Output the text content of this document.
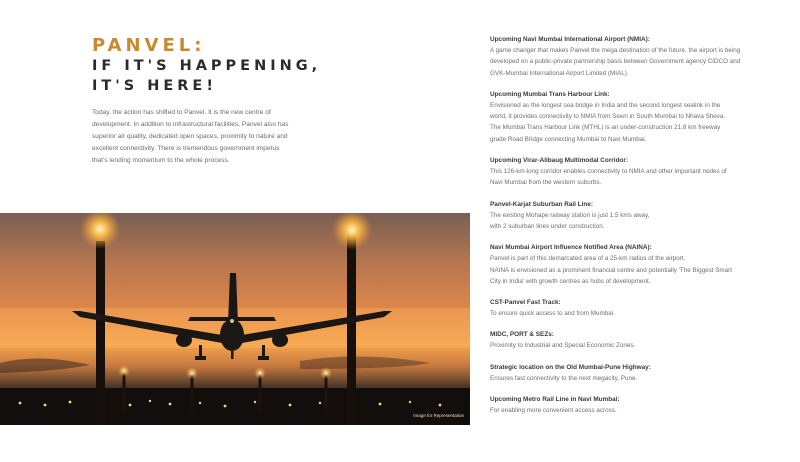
PANVEL:
IF IT'S HAPPENING,
IT'S HERE!
Today, the action has shifted to Panvel. It is the new centre of
development. In addition to infrastructural facilities, Panvel also has
superior air quality, dedicated open spaces, proximity to nature and
excellent connectivity. There is tremendous government impetus
that's lending momentum to the whole process.
Image for Representation
Upcoming Navi Mumbai International Airport (NMIA):
A game changer that makes Panvel the mega destination of the future, the airport is being
developed on a public-private partnership basis between Government agency CIDCO and
GVK-Mumbai International Airport Limited (MIAL).
Upcoming Mumbai Trans Harbour Link:
Envisioned as the longest sea bridge in India and the second longest sealink in the
world, it provides connectivity to NMIA from Sewri in South Mumbai to Nhava Sheva.
The Mumbai Trans Harbour Link (MTHL) is an under-construction 21.8 km freeway
grade Road Bridge connecting Mumbai to Navi Mumbai.
Upcoming Virar-Alibaug Multimodal Corridor:
This 126-km-long corridor enables connectivity to NMIA and other important nodes of
Navi Mumbai from the western suburbs.
Panvel-Karjat Suburban Rail Line:
The existing Mohape railway station is just 1.5 kms away,
with 2 suburban lines under construction.
Navi Mumbai Airport Influence Notified Area (NAINA):
Panvel is part of this demarcated area of a 25-km radius of the airport.
NAINA is envisioned as a prominent financial centre and potentially 'The Biggest Smart
City in India' with growth centres as hubs of development.
CST-Panvel Fast Track:
To ensure quick access to and from Mumbai.
MIDC, PORT & SEZs:
Proximity to Industrial and Special Economic Zones.
Strategic location on the Old Mumbai-Pune Highway:
Ensures fast connectivity to the next megacity, Pune.
Upcoming Metro Rail Line in Navi Mumbai:
For enabling more convenient access across.
